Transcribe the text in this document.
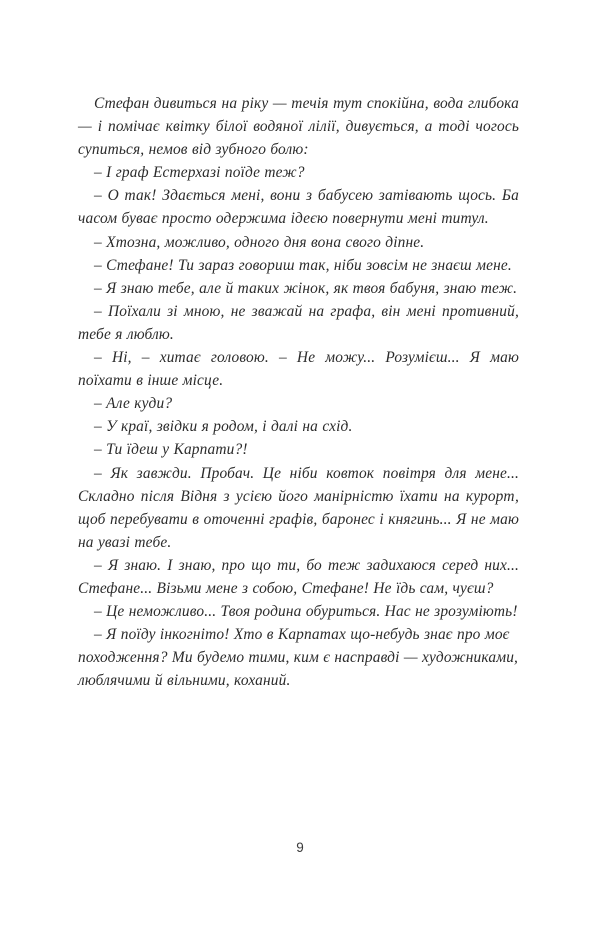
Стефан дивиться на ріку — течія тут спокійна, вода глибока — і помічає квітку білої водяної лілії, дивується, а тоді чогось супиться, немов від зубного болю:

– І граф Естерхазі поїде теж?

– О так! Здається мені, вони з бабусею затівають щось. Ба часом буває просто одержима ідеєю повернути мені титул.

– Хтозна, можливо, одного дня вона свого діпне.

– Стефане! Ти зараз говориш так, ніби зовсім не знаєш мене.

– Я знаю тебе, але й таких жінок, як твоя бабуня, знаю теж.

– Поїхали зі мною, не зважай на графа, він мені противний, тебе я люблю.

– Ні, – хитає головою. – Не можу... Розумієш... Я маю поїхати в інше місце.

– Але куди?

– У краї, звідки я родом, і далі на схід.

– Ти їдеш у Карпати?!

– Як завжди. Пробач. Це ніби ковток повітря для мене... Складно після Відня з усією його манірністю їхати на курорт, щоб перебувати в оточенні графів, баронес і княгинь... Я не маю на увазі тебе.

– Я знаю. І знаю, про що ти, бо теж задихаюся серед них... Стефане... Візьми мене з собою, Стефане! Не їдь сам, чуєш?

– Це неможливо... Твоя родина обуриться. Нас не зрозуміють!

– Я поїду інкогніто! Хто в Карпатах що-небудь знає про моє походження? Ми будемо тими, ким є насправді — художниками, люблячими й вільними, коханий.

9
